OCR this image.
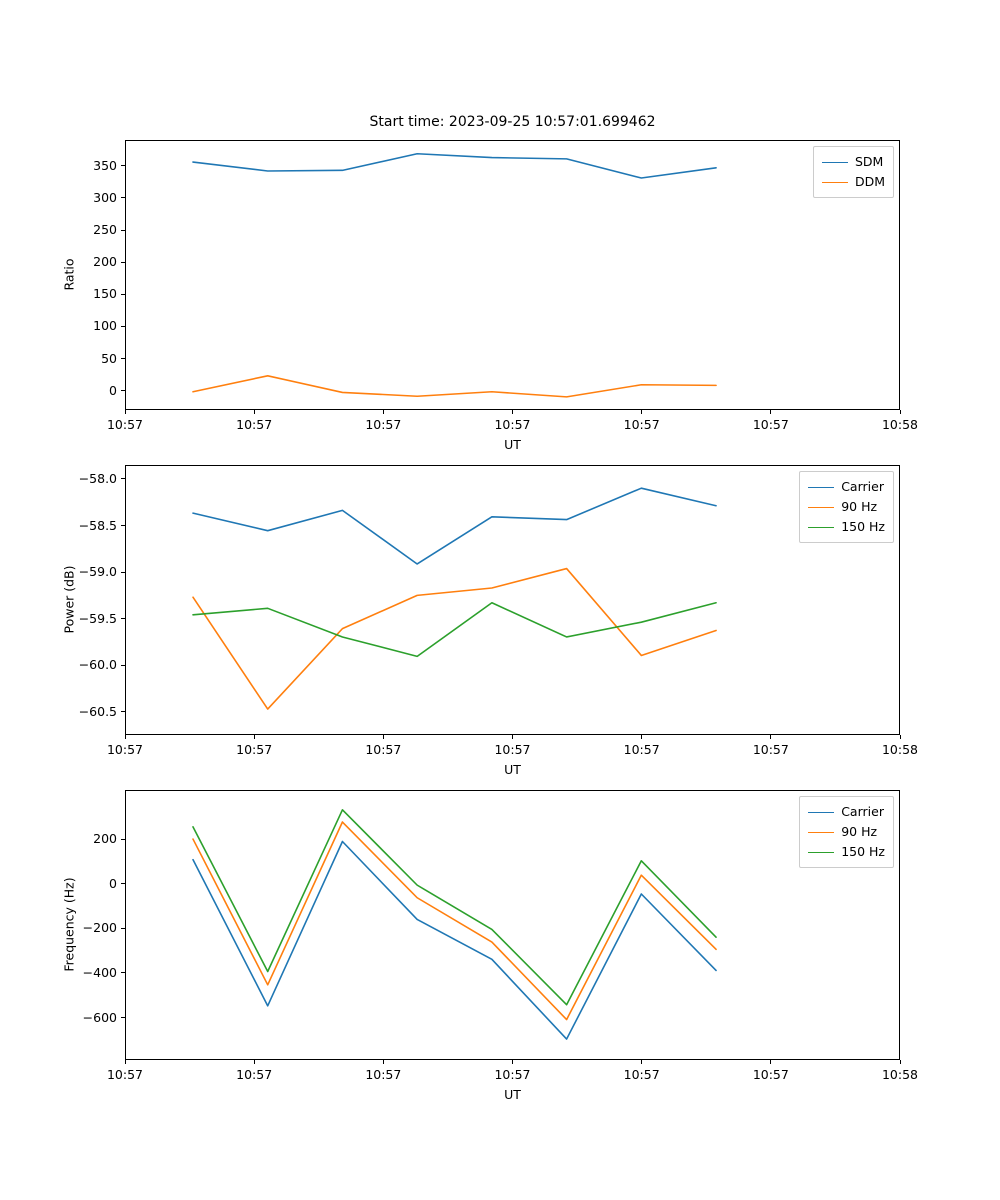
Start time: 2023-09-25 10:57:01.699462
SDM
DDM
Carrier
90 Hz
150 Hz
Carrier
90 Hz
150 Hz
10:57	10:57	10:57	10:57	10:57	10:57	10:58
0
50
100
150
200
250
300
350
UT
Ratio
10:57	10:57	10:57	10:57	10:57	10:57	10:58
−60.5
−60.0
−59.5
−59.0
−58.5
−58.0
UT
Power (dB)
10:57	10:57	10:57	10:57	10:57	10:57	10:58
−600
−400
−200
0
200
UT
Frequency (Hz)
